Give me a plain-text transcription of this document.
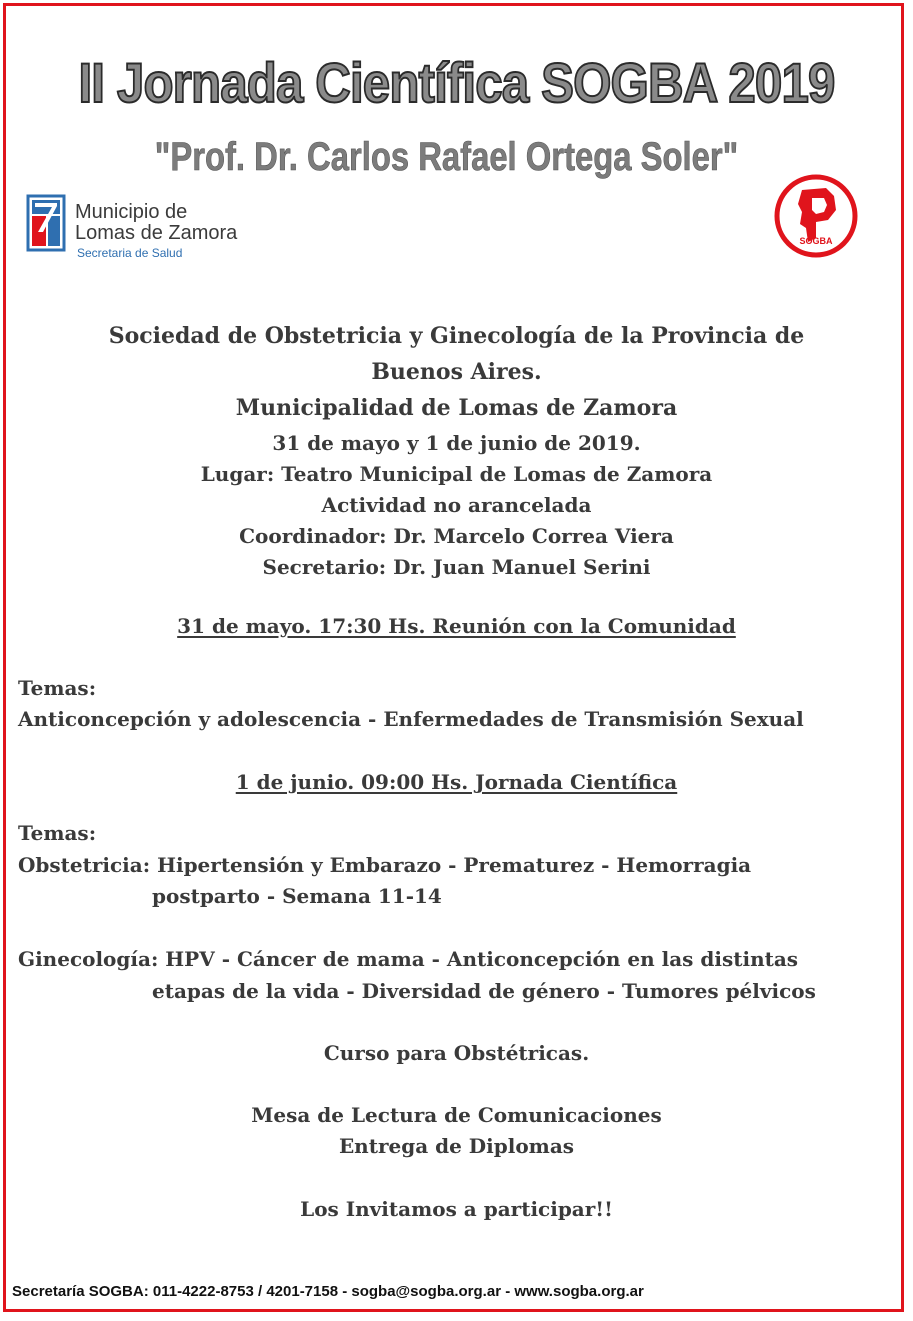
II Jornada Científica SOGBA 2019
"Prof. Dr. Carlos Rafael Ortega Soler"
Municipio de
Lomas de Zamora
Secretaria de Salud
SOGBA
Sociedad de Obstetricia y Ginecología de la Provincia de
Buenos Aires.
Municipalidad de Lomas de Zamora
31 de mayo y 1 de junio de 2019.
Lugar: Teatro Municipal de Lomas de Zamora
Actividad no arancelada
Coordinador: Dr. Marcelo Correa Viera
Secretario: Dr. Juan Manuel Serini
31 de mayo. 17:30 Hs. Reunión con la Comunidad
Temas:
Anticoncepción y adolescencia - Enfermedades de Transmisión Sexual
1 de junio. 09:00 Hs. Jornada Científica
Temas:
Obstetricia: Hipertensión y Embarazo - Prematurez - Hemorragia
postparto - Semana 11-14
Ginecología: HPV - Cáncer de mama - Anticoncepción en las distintas
etapas de la vida - Diversidad de género - Tumores pélvicos
Curso para Obstétricas.
Mesa de Lectura de Comunicaciones
Entrega de Diplomas
Los Invitamos a participar!!
Secretaría SOGBA: 011-4222-8753 / 4201-7158 - sogba@sogba.org.ar - www.sogba.org.ar
